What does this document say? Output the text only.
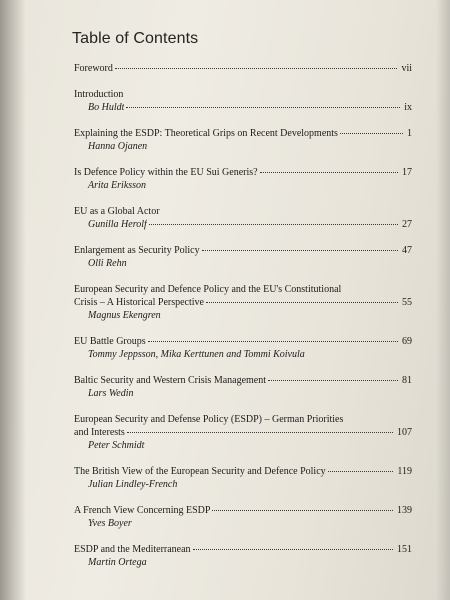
Table of Contents
Foreword	vii
Introduction
Bo Huldt	ix
Explaining the ESDP: Theoretical Grips on Recent Developments	1
Hanna Ojanen
Is Defence Policy within the EU Sui Generis?	17
Arita Eriksson
EU as a Global Actor
Gunilla Herolf	27
Enlargement as Security Policy	47
Olli Rehn
European Security and Defence Policy and the EU's Constitutional
Crisis – A Historical Perspective	55
Magnus Ekengren
EU Battle Groups	69
Tommy Jeppsson, Mika Kerttunen and Tommi Koivula
Baltic Security and Western Crisis Management	81
Lars Wedin
European Security and Defense Policy (ESDP) – German Priorities
and Interests	107
Peter Schmidt
The British View of the European Security and Defence Policy	119
Julian Lindley-French
A French View Concerning ESDP	139
Yves Boyer
ESDP and the Mediterranean	151
Martin Ortega
